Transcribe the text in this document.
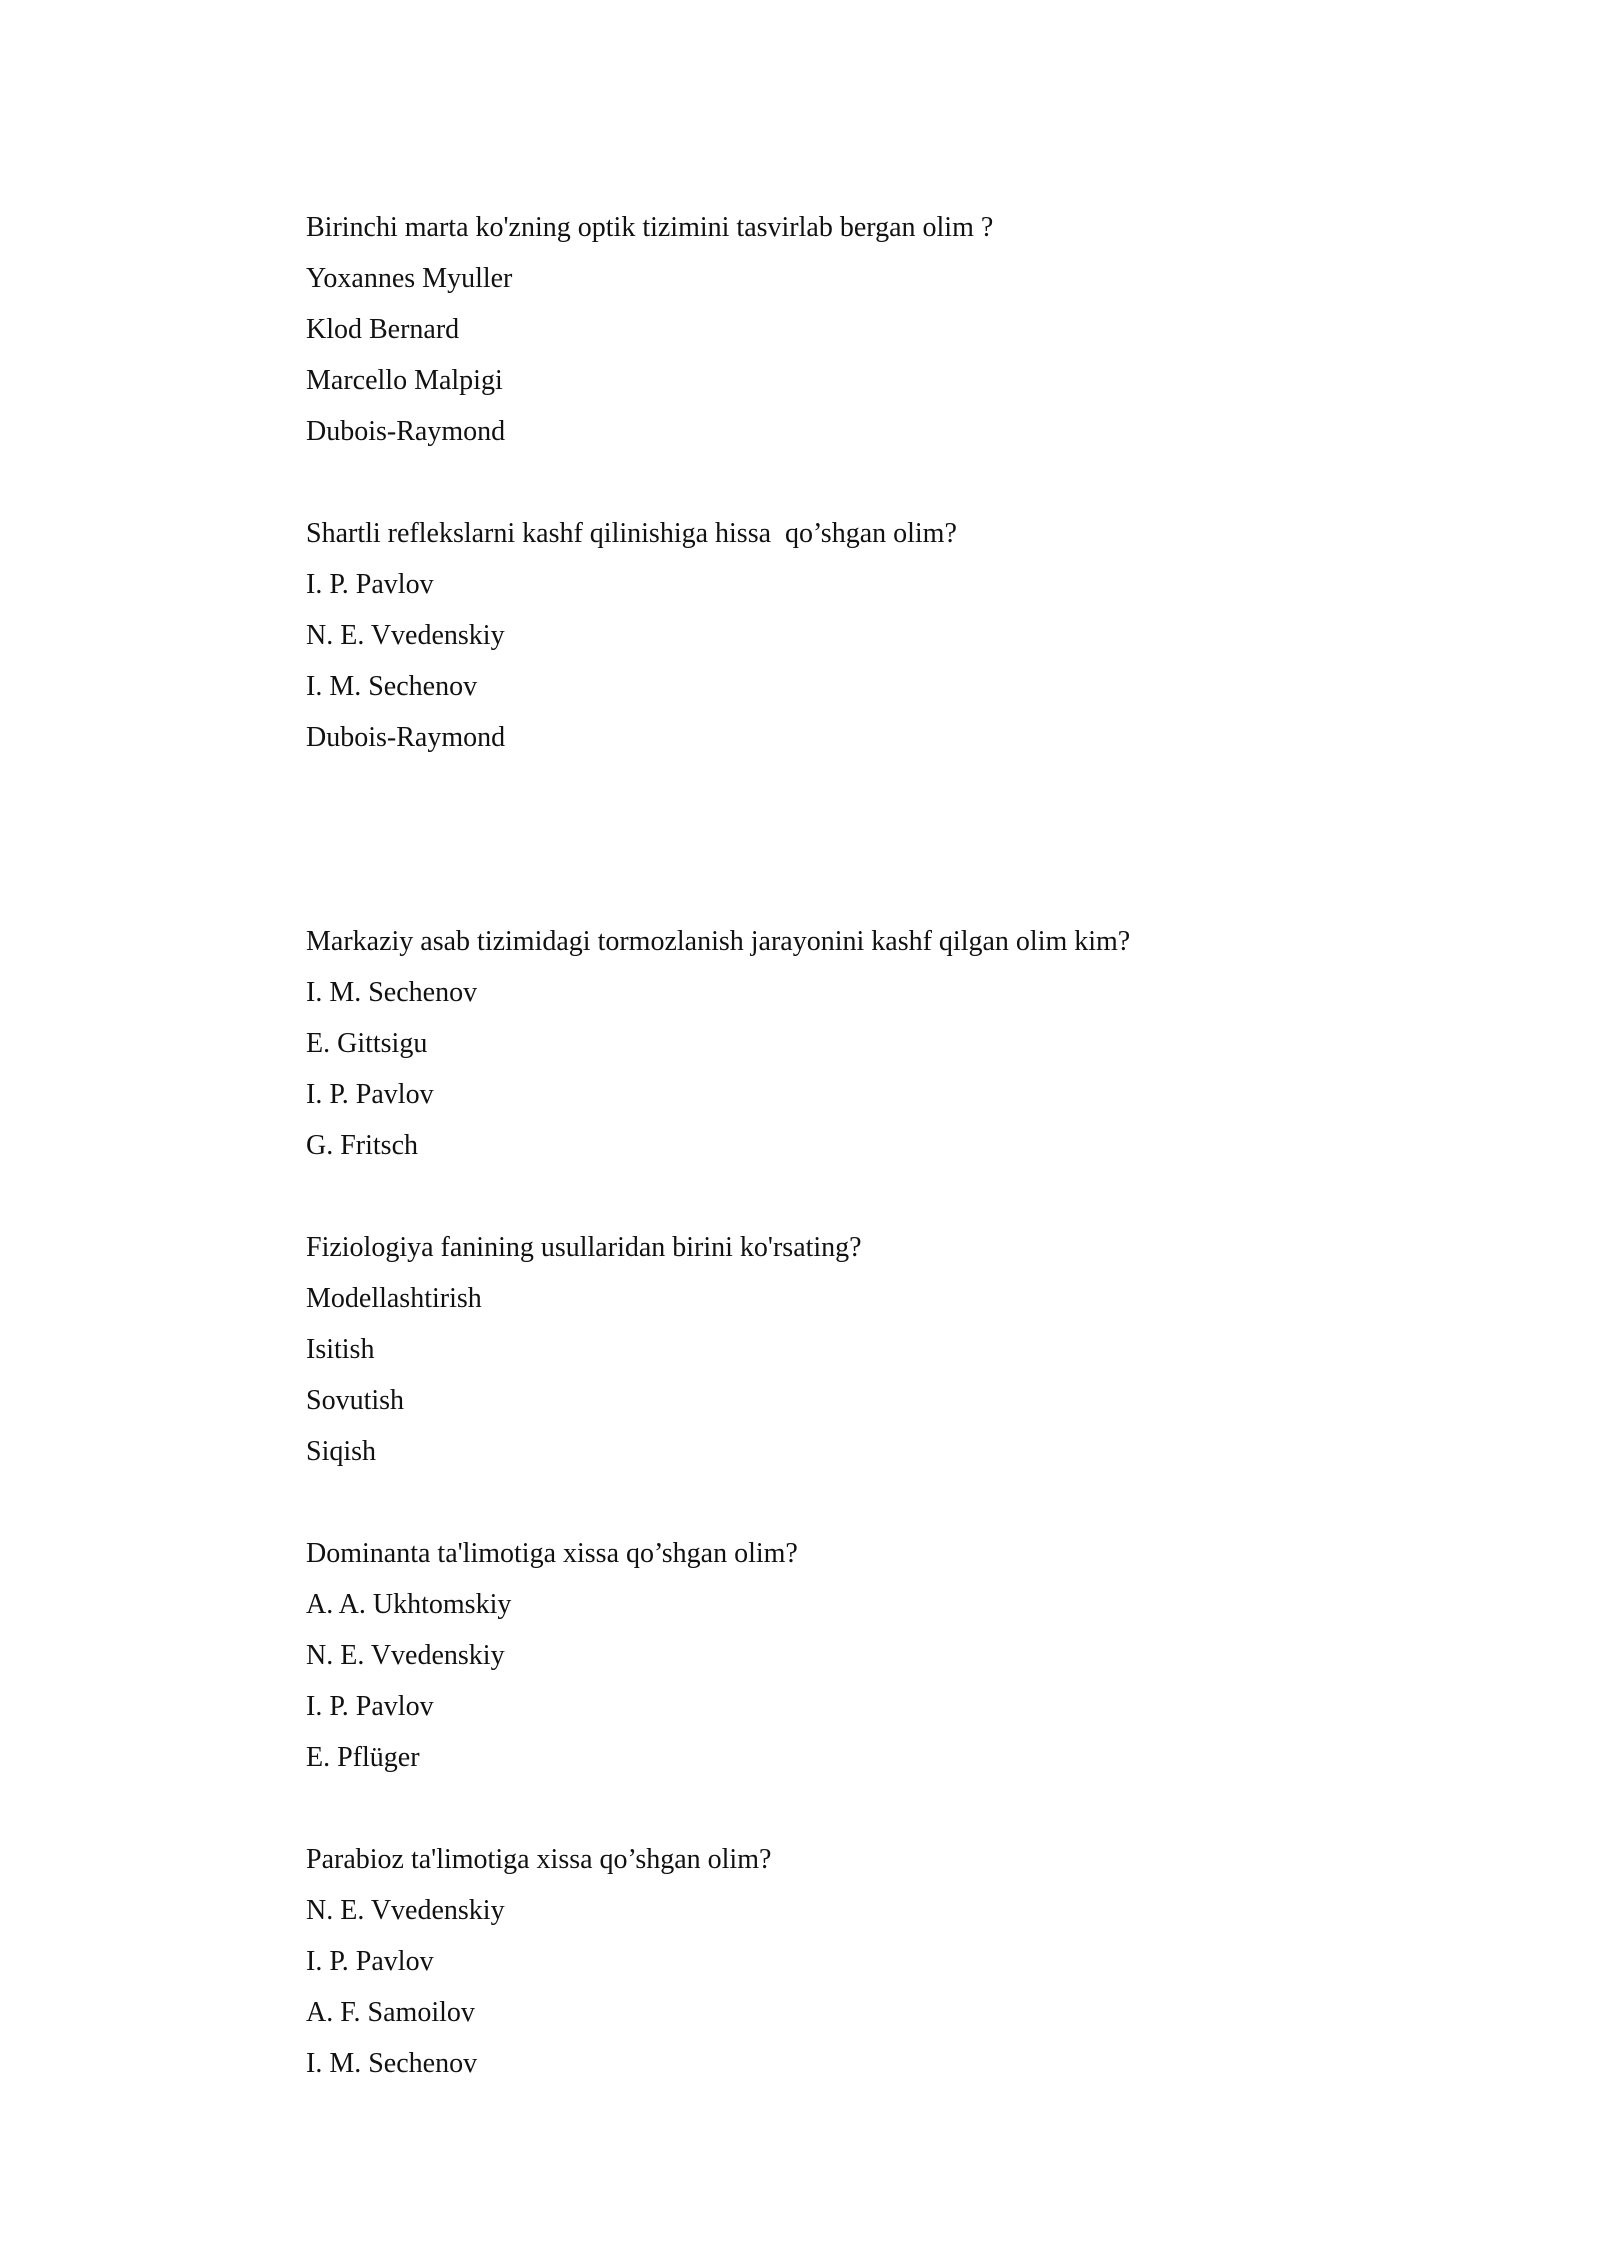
Birinchi marta ko'zning optik tizimini tasvirlab bergan olim ?

Yoxannes Myuller

Klod Bernard

Marcello Malpigi

Dubois-Raymond

Shartli reflekslarni kashf qilinishiga hissa  qo’shgan olim?

I. P. Pavlov

N. E. Vvedenskiy

I. M. Sechenov

Dubois-Raymond

Markaziy asab tizimidagi tormozlanish jarayonini kashf qilgan olim kim?

I. M. Sechenov

E. Gittsigu

I. P. Pavlov

G. Fritsch

Fiziologiya fanining usullaridan birini ko'rsating?

Modellashtirish

Isitish

Sovutish

Siqish

Dominanta ta'limotiga xissa qo’shgan olim?

A. A. Ukhtomskiy

N. E. Vvedenskiy

I. P. Pavlov

E. Pflüger

Parabioz ta'limotiga xissa qo’shgan olim?

N. E. Vvedenskiy

I. P. Pavlov

A. F. Samoilov

I. M. Sechenov
